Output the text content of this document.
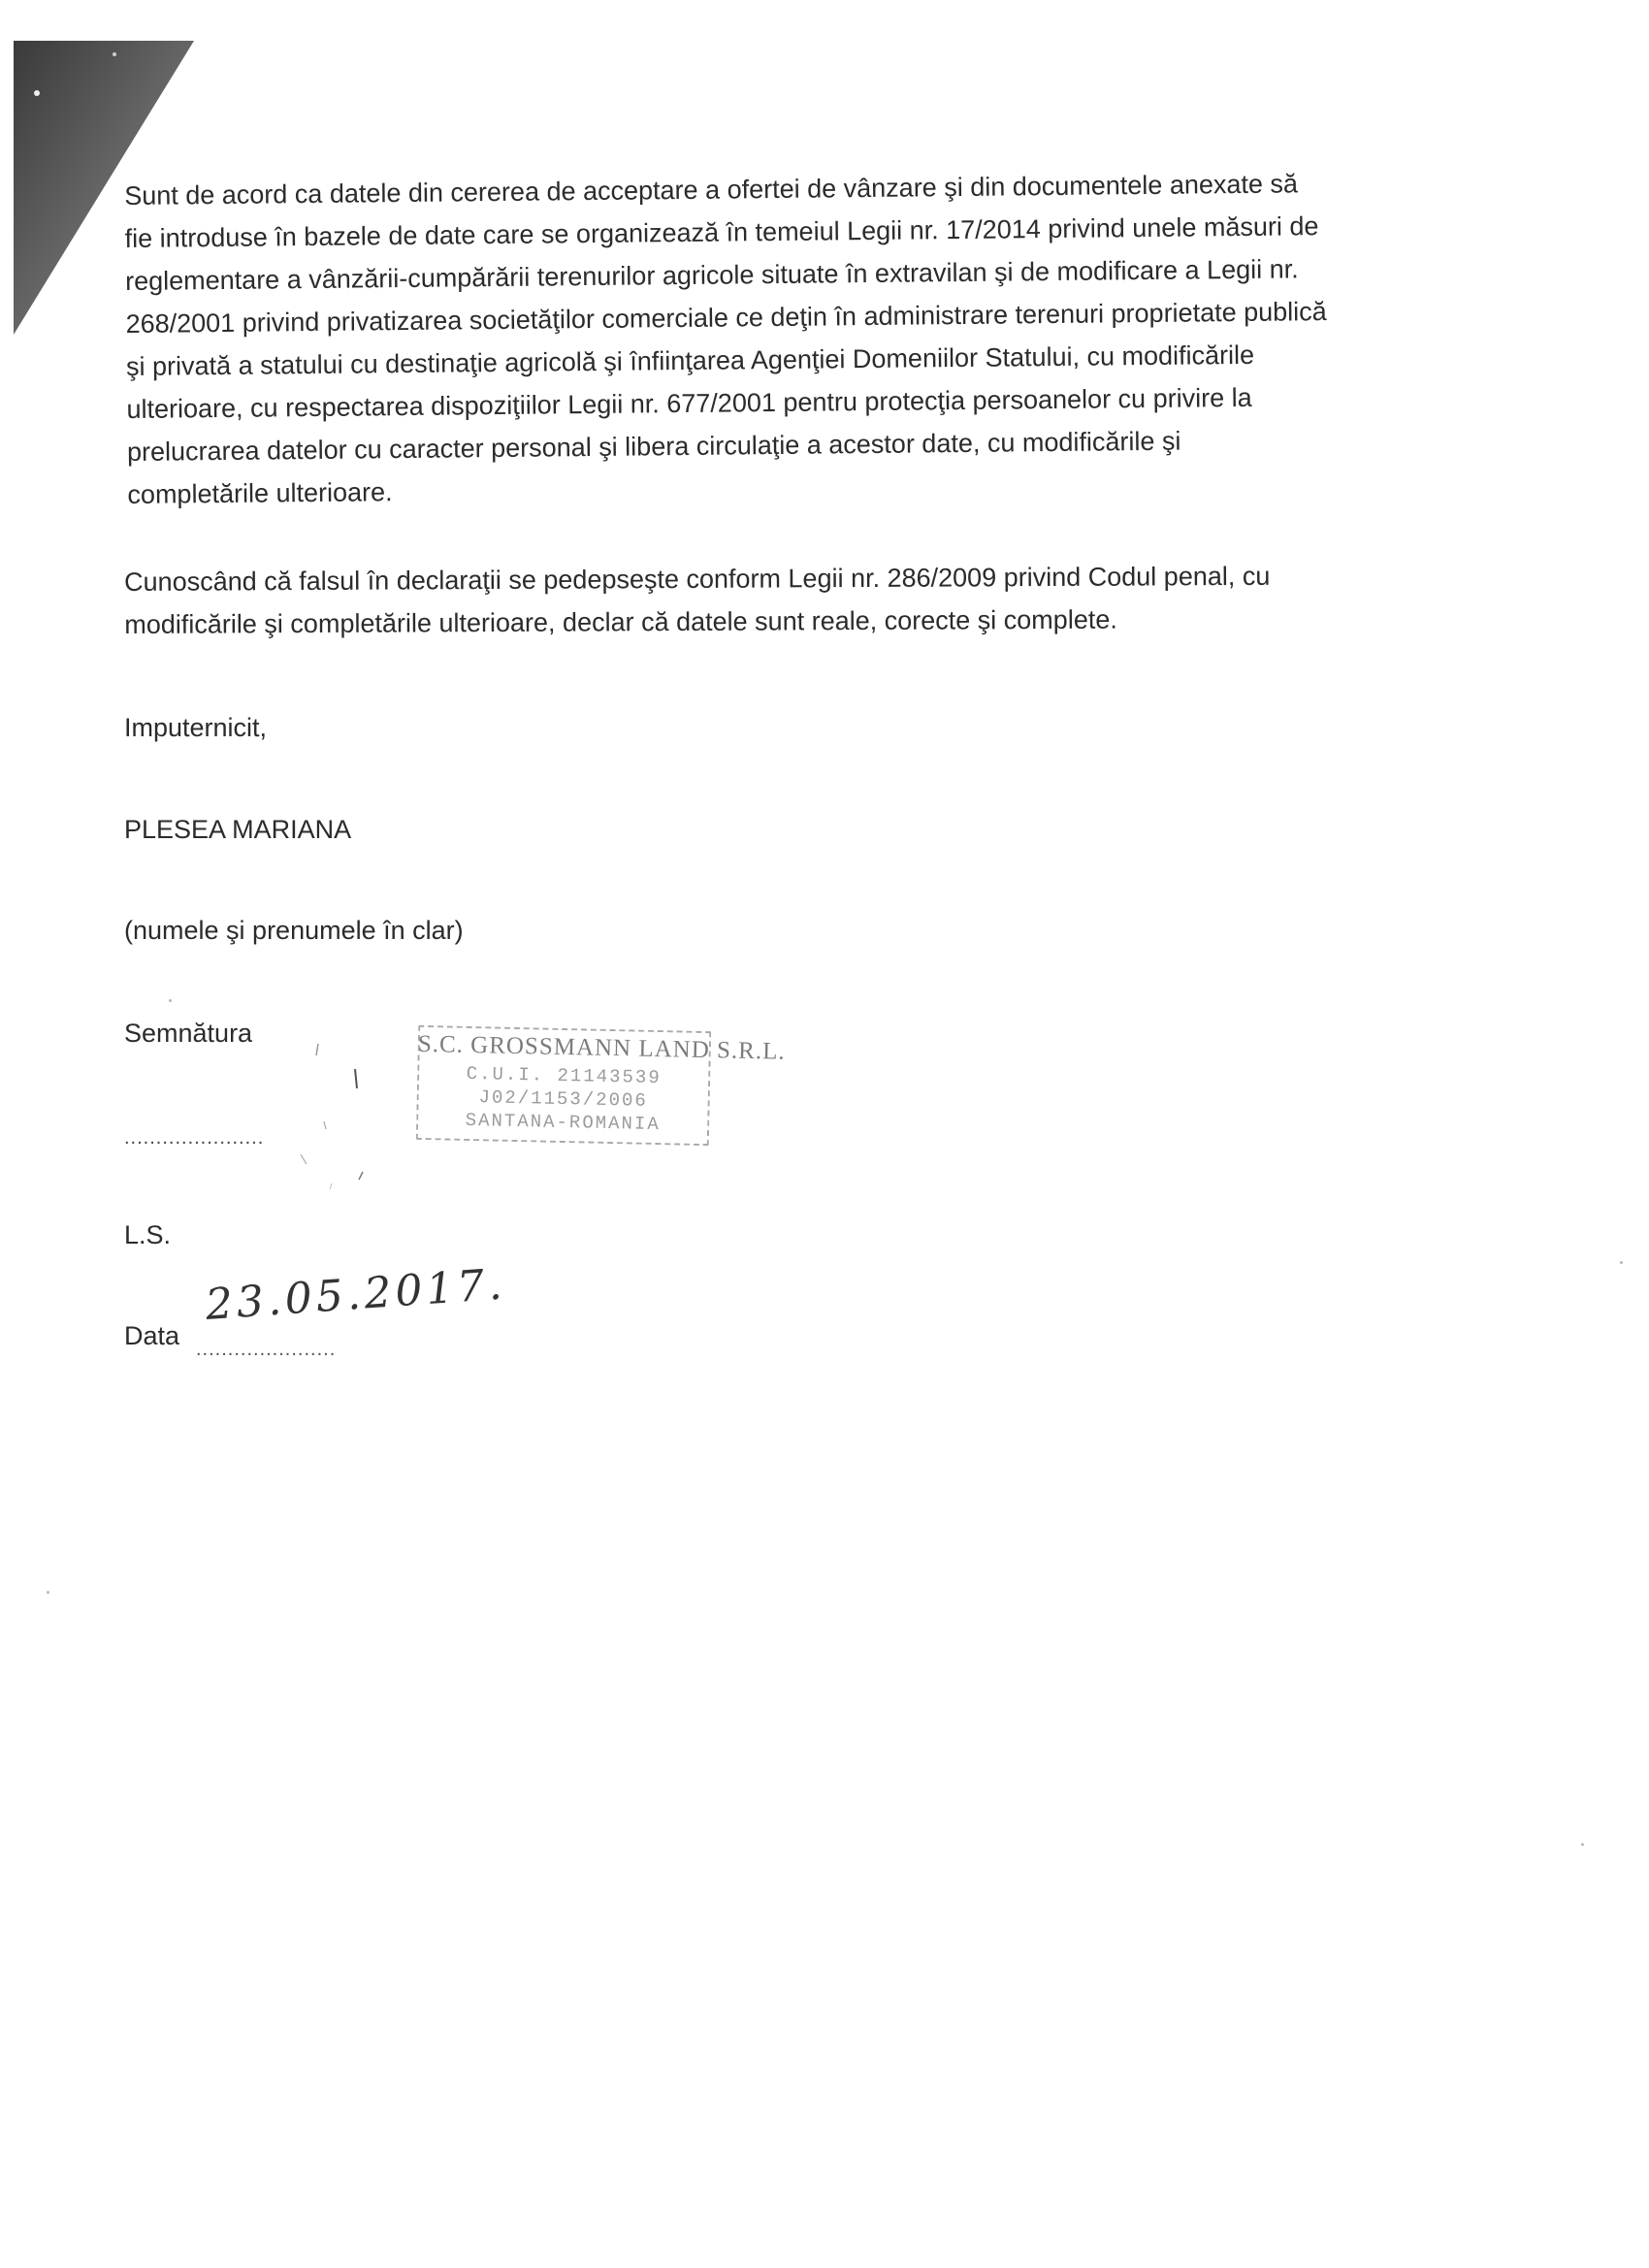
Sunt de acord ca datele din cererea de acceptare a ofertei de vânzare şi din documentele anexate să
fie introduse în bazele de date care se organizează în temeiul Legii nr. 17/2014 privind unele măsuri de
reglementare a vânzării-cumpărării terenurilor agricole situate în extravilan şi de modificare a Legii nr.
268/2001 privind privatizarea societăţilor comerciale ce deţin în administrare terenuri proprietate publică
şi privată a statului cu destinaţie agricolă şi înfiinţarea Agenţiei Domeniilor Statului, cu modificările
ulterioare, cu respectarea dispoziţiilor Legii nr. 677/2001 pentru protecţia persoanelor cu privire la
prelucrarea datelor cu caracter personal şi libera circulaţie a acestor date, cu modificările şi
completările ulterioare.
Cunoscând că falsul în declaraţii se pedepseşte conform Legii nr. 286/2009 privind Codul penal, cu
modificările şi completările ulterioare, declar că datele sunt reale, corecte şi complete.
Imputernicit,
PLESEA MARIANA
(numele şi prenumele în clar)
Semnătura
......................
S.C. GROSSMANN LAND S.R.L.
C.U.I. 21143539
J02/1153/2006
SANTANA-ROMANIA
L.S.
Data ......................
23.05.2017.
